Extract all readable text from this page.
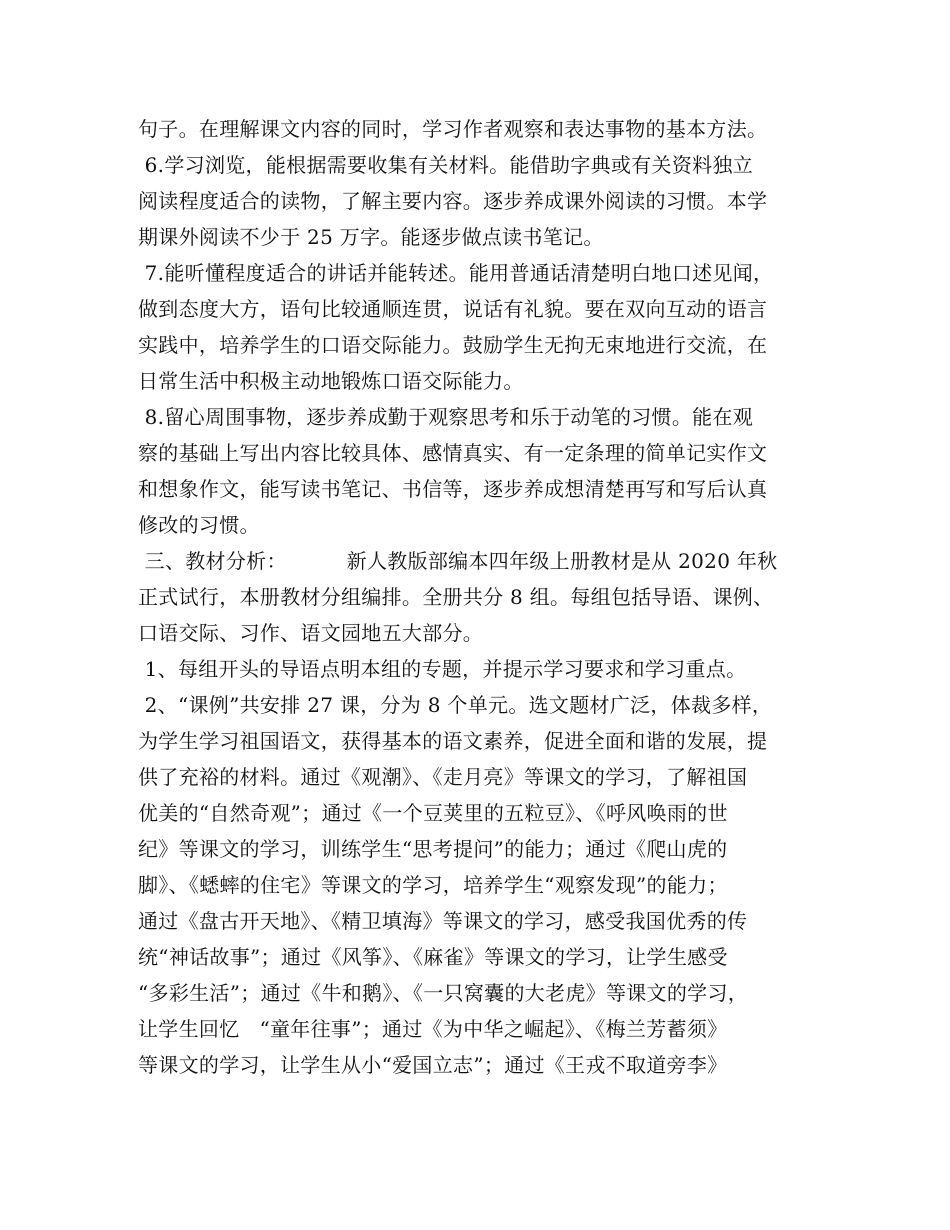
句子。在理解课文内容的同时，学习作者观察和表达事物的基本方法。
6.学习浏览，能根据需要收集有关材料。能借助字典或有关资料独立
阅读程度适合的读物，了解主要内容。逐步养成课外阅读的习惯。本学
期课外阅读不少于 25 万字。能逐步做点读书笔记。
7.能听懂程度适合的讲话并能转述。能用普通话清楚明白地口述见闻，
做到态度大方，语句比较通顺连贯，说话有礼貌。要在双向互动的语言
实践中，培养学生的口语交际能力。鼓励学生无拘无束地进行交流，在
日常生活中积极主动地锻炼口语交际能力。
8.留心周围事物，逐步养成勤于观察思考和乐于动笔的习惯。能在观
察的基础上写出内容比较具体、感情真实、有一定条理的简单记实作文
和想象作文，能写读书笔记、书信等，逐步养成想清楚再写和写后认真
修改的习惯。
三、教材分析：         新人教版部编本四年级上册教材是从 2020 年秋
正式试行，本册教材分组编排。全册共分 8 组。每组包括导语、课例、
口语交际、习作、语文园地五大部分。
1、每组开头的导语点明本组的专题，并提示学习要求和学习重点。
2、“课例”共安排 27 课，分为 8 个单元。选文题材广泛，体裁多样，
为学生学习祖国语文，获得基本的语文素养，促进全面和谐的发展，提
供了充裕的材料。通过《观潮》、《走月亮》等课文的学习，了解祖国
优美的“自然奇观”；通过《一个豆荚里的五粒豆》、《呼风唤雨的世
纪》等课文的学习，训练学生“思考提问”的能力；通过《爬山虎的
脚》、《蟋蟀的住宅》等课文的学习，培养学生“观察发现”的能力；
通过《盘古开天地》、《精卫填海》等课文的学习，感受我国优秀的传
统“神话故事”；通过《风筝》、《麻雀》等课文的学习，让学生感受
“多彩生活”；通过《牛和鹅》、《一只窝囊的大老虎》等课文的学习，
让学生回忆   “童年往事”；通过《为中华之崛起》、《梅兰芳蓄须》
等课文的学习，让学生从小“爱国立志”；通过《王戎不取道旁李》
